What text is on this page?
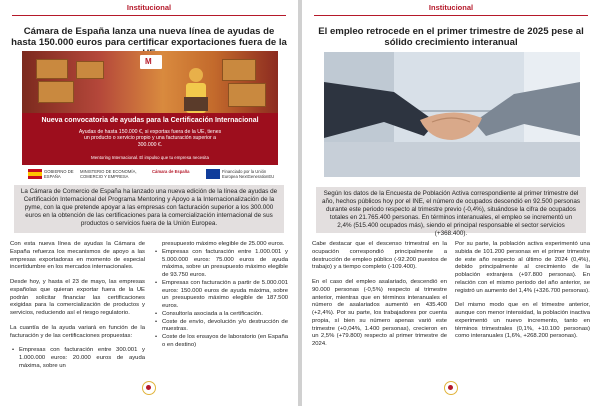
Institucional
Cámara de España lanza una nueva línea de ayudas de hasta 150.000 euros para certificar exportaciones fuera de la
M
Nueva convocatoria de ayudas para la Certificación Internacional
Ayudas de hasta 150.000 €, si exportas fuera de la UE, tienes un producto o servicio propio y una facturación superior a 300.000 €.
Mentoring Internacional. El impulso que tu empresa necesita
GOBIERNO DE ESPAÑA
MINISTERIO DE ECONOMÍA, COMERCIO Y EMPRESA
Cámara de España	Financiado por la Unión Europea NextGenerationEU
La Cámara de Comercio de España ha lanzado una nueva edición de la línea de ayudas de Certificación Internacional del Programa Mentoring y Apoyo a la Internacionalización de la pyme, con la que pretende apoyar a las empresas con facturación superior a los 300.000 euros en la obtención de las certificaciones para la comercialización internacional de sus productos o servicios fuera de la Unión Europea.

Con esta nueva línea de ayudas la Cámara de España refuerza los mecanismos de apoyo a las empresas exportadoras en momento de especial incertidumbre en los mercados internacionales.

Desde hoy, y hasta el 23 de mayo, las empresas españolas que quieran exportar fuera de la UE podrán solicitar financiar las certificaciones exigidas para la comercialización de productos y servicios, reduciendo así el riesgo regulatorio.

La cuantía de la ayuda variará en función de la facturación y de las certificaciones propuestas:

• Empresas con facturación entre 300.001 y 1.000.000 euros: 20.000 euros de ayuda máxima, sobre un

presupuesto máximo elegible de 25.000 euros.

• Empresas con facturación entre 1.000.001 y 5.000.000 euros: 75.000 euros de ayuda máxima, sobre un presupuesto máximo elegible de 93.750 euros.
• Empresas con facturación a partir de 5.000.001 euros: 150.000 euros de ayuda máxima, sobre un presupuesto máximo elegible de 187.500 euros.
• Consultoría asociada a la certificación.
• Coste de envío, devolución y/o destrucción de muestras.
• Coste de los ensayos de laboratorio (en España o en destino)
Institucional
El empleo retrocede en el primer trimestre de 2025 pese al sólido crecimiento interanual
Según los datos de la Encuesta de Población Activa correspondiente al primer trimestre del año, hechos públicos hoy por el INE, el número de ocupados descendió en 92.500 personas durante este periodo respecto al trimestre previo (-0,4%), situándose la cifra de ocupados totales en 21.765.400 personas. En términos interanuales, el empleo se incrementó un 2,4% (515.400 ocupados más), siendo el principal responsable el sector servicios (+368.400).

Cabe destacar que el descenso trimestral en la ocupación correspondió principalmente a destrucción de empleo público (-92.200 puestos de trabajo) y a tiempo completo (-109.400).

En el caso del empleo asalariado, descendió en 90.000 personas (-0,5%) respecto al trimestre anterior, mientras que en términos interanuales el número de asalariados aumentó en 435.400 (+2,4%). Por su parte, los trabajadores por cuenta propia, sí bien su número apenas varió este trimestre (+0,04%, 1.400 personas), crecieron en un 2,5% (+79.800) respecto al primer trimestre de 2024.

Por su parte, la población activa experimentó una subida de 101.200 personas en el primer trimestre de este año respecto al último de 2024 (0,4%), debido principalmente al crecimiento de la población extranjera (+97.800 personas). En relación con el mismo periodo del año anterior, se registró un aumento del 1,4% (+326.700 personas).

Del mismo modo que en el trimestre anterior, aunque con menor intensidad, la población inactiva experimentó un nuevo incremento, tanto en términos trimestrales (0,1%, +10.100 personas) como interanuales (1,6%, +268.200 personas).
